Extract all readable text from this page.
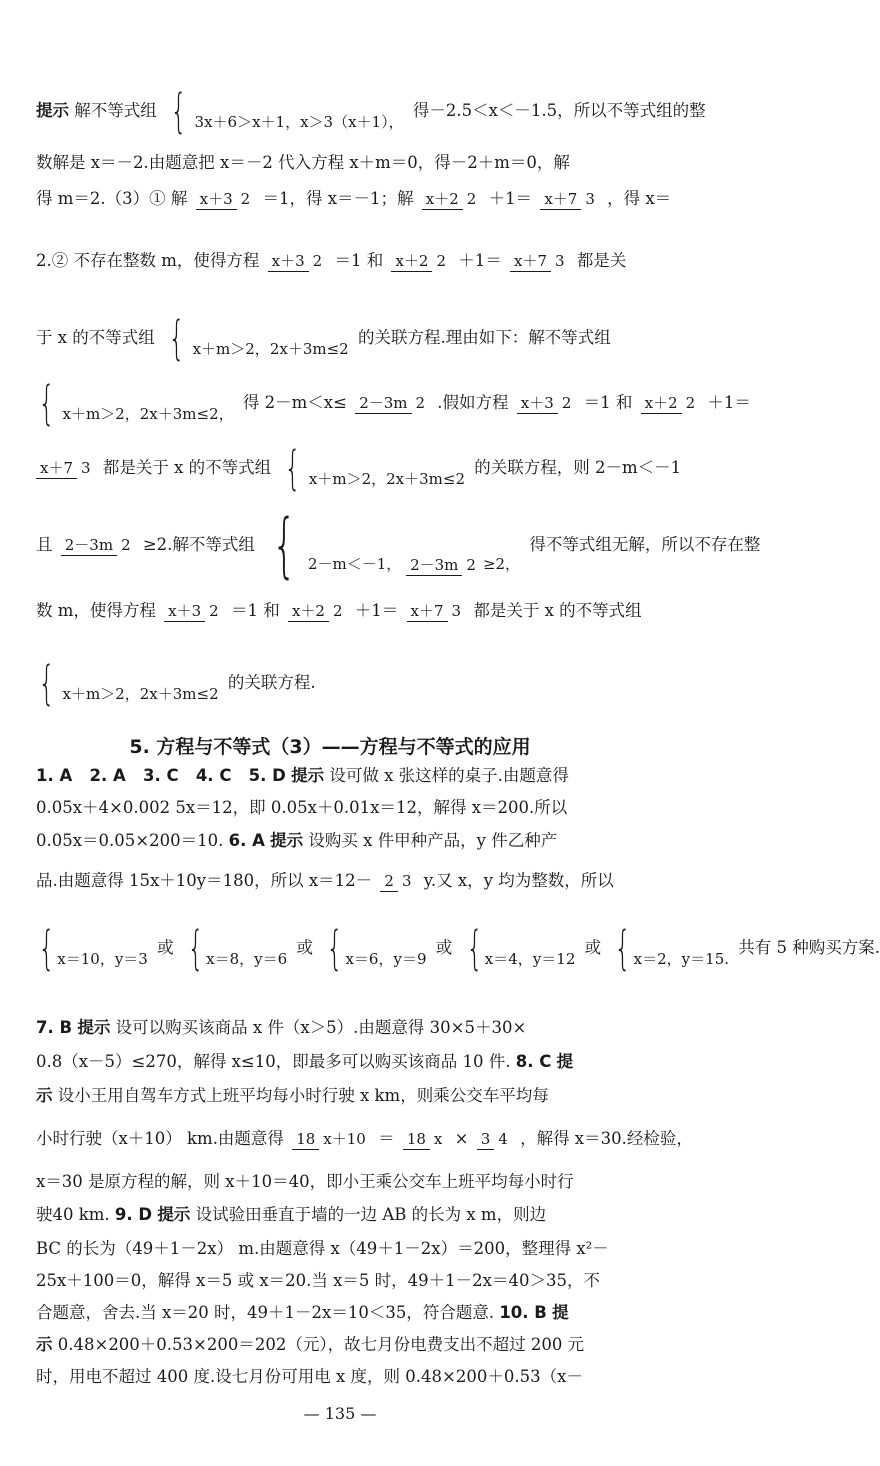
提示 解不等式组 { 3x＋6＞x＋1，x＞3（x＋1）， 得－2.5＜x＜－1.5，所以不等式组的整
数解是 x＝－2.由题意把 x＝－2 代入方程 x＋m＝0，得－2＋m＝0，解
得 m＝2.（3）① 解 x＋3 2 ＝1，得 x＝－1；解 x＋2 2 ＋1＝ x＋7 3 ，得 x＝
2.② 不存在整数 m，使得方程 x＋3 2 ＝1 和 x＋2 2 ＋1＝ x＋7 3 都是关
于 x 的不等式组 { x＋m＞2，2x＋3m≤2 的关联方程.理由如下：解不等式组
{ x＋m＞2，2x＋3m≤2， 得 2－m＜x≤ 2－3m 2 .假如方程 x＋3 2 ＝1 和 x＋2 2 ＋1＝
x＋7 3 都是关于 x 的不等式组 { x＋m＞2，2x＋3m≤2 的关联方程，则 2－m＜－1
且 2－3m 2 ≥2.解不等式组 { 2－m＜－1， 2－3m 2 ≥2， 得不等式组无解，所以不存在整
数 m，使得方程 x＋3 2 ＝1 和 x＋2 2 ＋1＝ x＋7 3 都是关于 x 的不等式组
{ x＋m＞2，2x＋3m≤2 的关联方程.
5. 方程与不等式（3）——方程与不等式的应用
1. A   2. A   3. C   4. C   5. D 提示 设可做 x 张这样的桌子.由题意得
0.05x＋4×0.002 5x＝12，即 0.05x＋0.01x＝12，解得 x＝200.所以
0.05x＝0.05×200＝10. 6. A 提示 设购买 x 件甲种产品，y 件乙种产
品.由题意得 15x＋10y＝180，所以 x＝12－ 2 3 y.又 x，y 均为整数，所以
{ x＝10，y＝3 或 { x＝8，y＝6 或 { x＝6，y＝9 或 { x＝4，y＝12 或 { x＝2，y＝15. 共有 5 种购买方案.
7. B 提示 设可以购买该商品 x 件（x＞5）.由题意得 30×5＋30×
0.8（x－5）≤270，解得 x≤10，即最多可以购买该商品 10 件. 8. C 提
示 设小王用自驾车方式上班平均每小时行驶 x km，则乘公交车平均每
小时行驶（x＋10） km.由题意得 18 x＋10 ＝ 18 x × 3 4 ，解得 x＝30.经检验，
x＝30 是原方程的解，则 x＋10＝40，即小王乘公交车上班平均每小时行
驶40 km. 9. D 提示 设试验田垂直于墙的一边 AB 的长为 x m，则边
BC 的长为（49＋1－2x） m.由题意得 x（49＋1－2x）＝200，整理得 x²－
25x＋100＝0，解得 x＝5 或 x＝20.当 x＝5 时，49＋1－2x＝40＞35，不
合题意，舍去.当 x＝20 时，49＋1－2x＝10＜35，符合题意. 10. B 提
示 0.48×200＋0.53×200＝202（元），故七月份电费支出不超过 200 元
时，用电不超过 400 度.设七月份可用电 x 度，则 0.48×200＋0.53（x－
— 135 —
